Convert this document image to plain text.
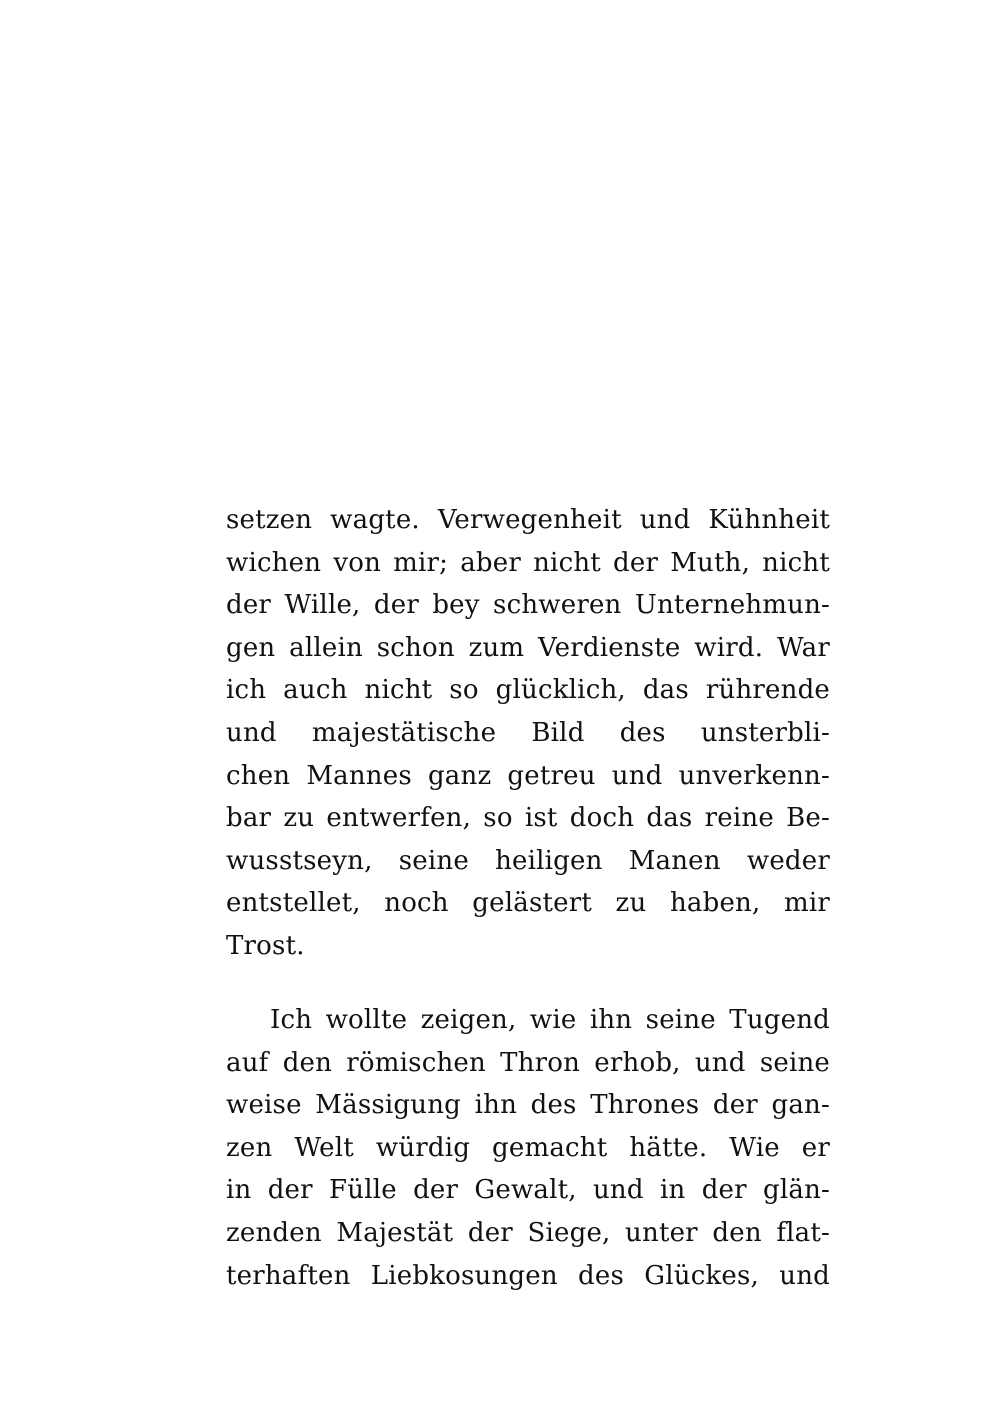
setzen wagte. Verwegenheit und Kühnheit
wichen von mir; aber nicht der Muth, nicht
der Wille, der bey schweren Unternehmun-
gen allein schon zum Verdienste wird. War
ich auch nicht so glücklich, das rührende
und majestätische Bild des unsterbli-
chen Mannes ganz getreu und unverkenn-
bar zu entwerfen, so ist doch das reine Be-
wusstseyn, seine heiligen Manen weder
entstellet, noch gelästert zu haben, mir
Trost.
Ich wollte zeigen, wie ihn seine Tugend
auf den römischen Thron erhob, und seine
weise Mässigung ihn des Thrones der gan-
zen Welt würdig gemacht hätte. Wie er
in der Fülle der Gewalt, und in der glän-
zenden Majestät der Siege, unter den flat-
terhaften Liebkosungen des Glückes, und
